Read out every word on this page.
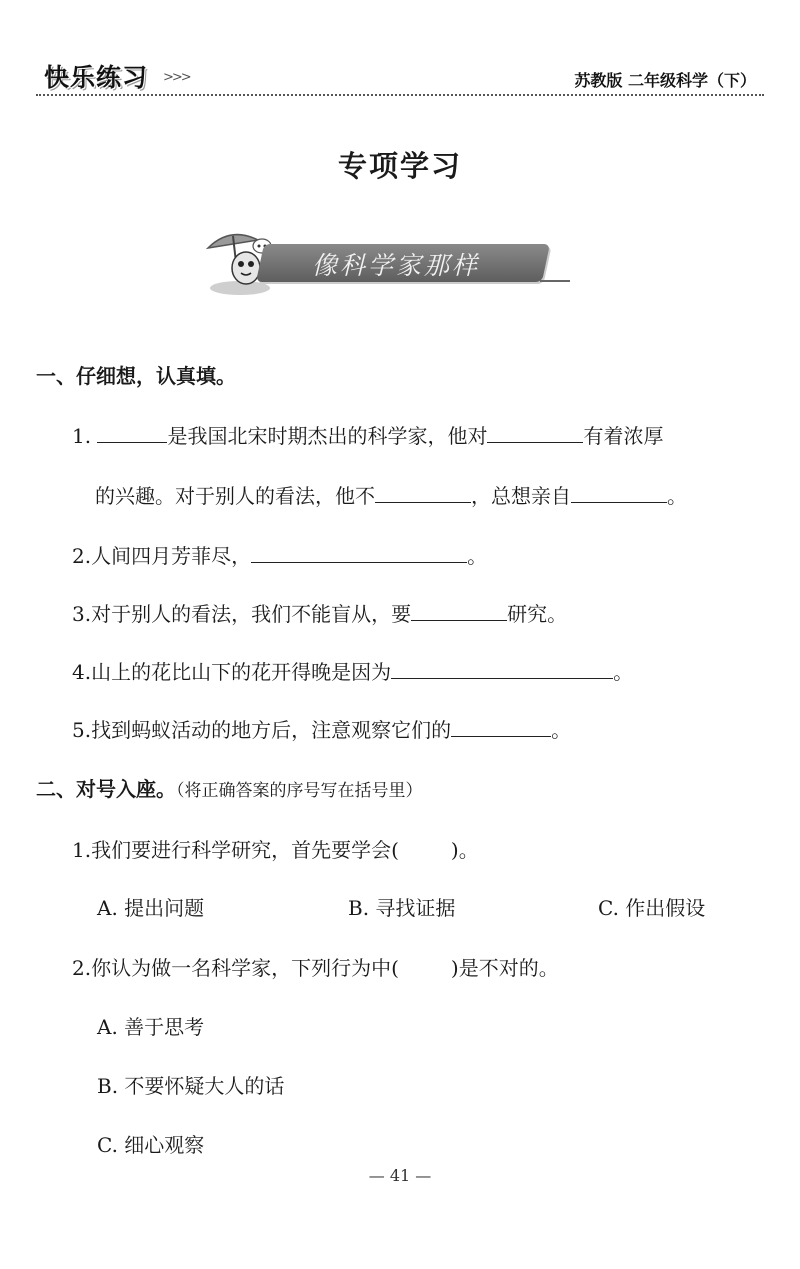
快乐练习 >>>	苏教版 二年级科学（下）
专项学习
像科学家那样
一、仔细想，认真填。
1.	是我国北宋时期杰出的科学家，他对	有着浓厚
的兴趣。对于别人的看法，他不	，总想亲自	。
2.人间四月芳菲尽，	。
3.对于别人的看法，我们不能盲从，要	研究。
4.山上的花比山下的花开得晚是因为	。
5.找到蚂蚁活动的地方后，注意观察它们的	。
二、对号入座。（将正确答案的序号写在括号里）
1.我们要进行科学研究，首先要学会(	)。
A. 提出问题	B. 寻找证据	C. 作出假设
2.你认为做一名科学家，下列行为中(	)是不对的。
A. 善于思考
B. 不要怀疑大人的话
C. 细心观察
— 41 —
